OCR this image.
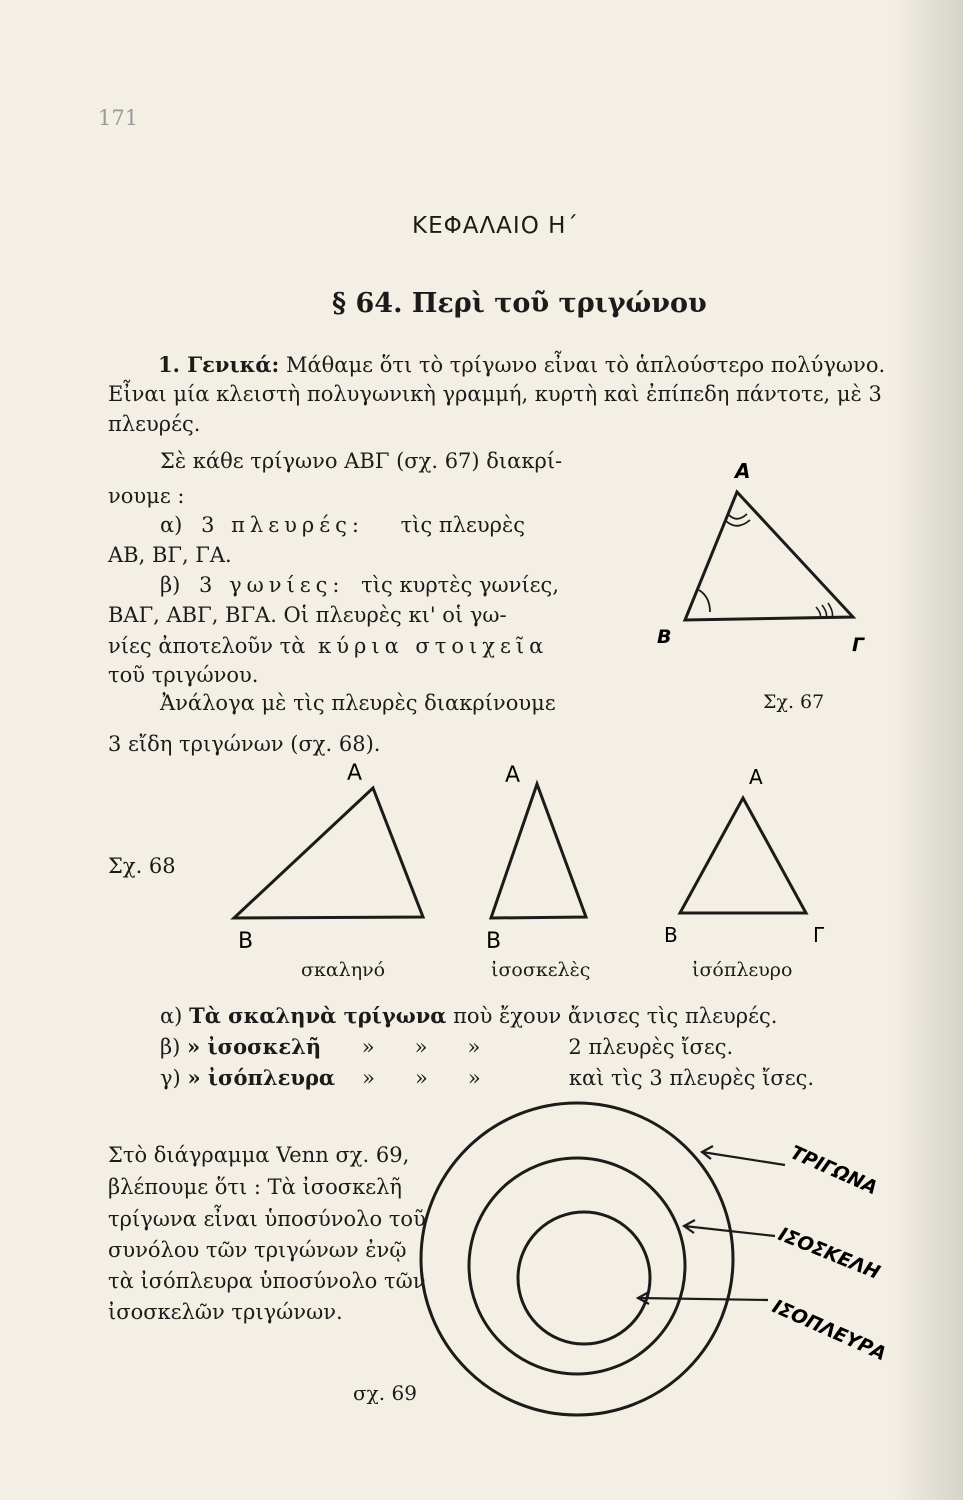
171
ΚΕΦΑΛΑΙΟ Η΄
§ 64. Περὶ τοῦ τριγώνου
1. Γενικά: Μάθαμε ὅτι τὸ τρίγωνο εἶναι τὸ ἁπλούστερο πολύγωνο.
Εἶναι μία κλειστὴ πολυγωνικὴ γραμμή, κυρτὴ καὶ ἐπίπεδη πάντοτε, μὲ 3
πλευρές.
Σὲ κάθε τρίγωνο ΑΒΓ (σχ. 67) διακρί-
νουμε :
α) 3 πλευρές: τὶς πλευρὲς
ΑΒ, ΒΓ, ΓΑ.
β) 3 γωνίες: τὶς κυρτὲς γωνίες,
ΒΑΓ, ΑΒΓ, ΒΓΑ. Οἱ πλευρὲς κι' οἱ γω-
νίες ἀποτελοῦν τὰ κύρια στοιχεῖα
τοῦ τριγώνου.
Ἀνάλογα μὲ τὶς πλευρὲς διακρίνουμε
3 εἴδη τριγώνων (σχ. 68).
Σχ. 67
Α
Β	Γ
Α
Β
Α
Β
Α
Β	Γ
ΤΡΙΓΩΝΑ
ΙΣΟΣΚΕΛΗ
ΙΣΟΠΛΕΥΡΑ
Σχ. 68
σκαληνό	ἰσοσκελὲς	ἰσόπλευρο
α) Τὰ σκαληνὰ τρίγωνα ποὺ ἔχουν ἄνισες τὶς πλευρές.
β) » ἰσοσκελῆ »      »      »	2 πλευρὲς ἴσες.
γ) » ἰσόπλευρα »      »      »	καὶ τὶς 3 πλευρὲς ἴσες.
Στὸ διάγραμμα Venn σχ. 69,
βλέπουμε ὅτι : Τὰ ἰσοσκελῆ
τρίγωνα εἶναι ὑποσύνολο τοῦ
συνόλου τῶν τριγώνων ἐνῷ
τὰ ἰσόπλευρα ὑποσύνολο τῶν
ἰσοσκελῶν τριγώνων.
σχ. 69
